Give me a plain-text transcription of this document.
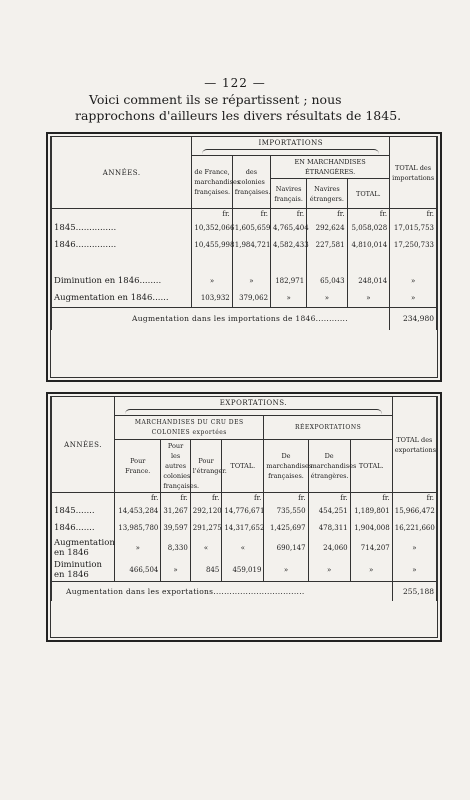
— 122 —

Voici comment ils se répartissent ; nous rapprochons d'ailleurs les divers résultats de 1845.

ANNÉES.	IMPORTATIONS					TOTAL des importations
	de France, marchandises françaises.	des colonies françaises.	EN MARCHANDISES ÉTRANGÈRES.			
			Navires français.	Navires étrangers.	TOTAL.	
	fr.	fr.	fr.	fr.	fr.	fr.
1845...............	10,352,066	1,605,659	4,765,404	292,624	5,058,028	17,015,753
1846...............	10,455,998	1,984,721	4,582,433	227,581	4,810,014	17,250,733

Diminution en 1846........	»	»	182,971	65,043	248,014	»
Augmentation en 1846......	103,932	379,062	»	»	»	»
Augmentation dans les importations de 1846............						234,980
ANNÉES.	EXPORTATIONS.							TOTAL des exportations
	MARCHANDISES DU CRU DES COLONIES exportées				RÉEXPORTATIONS			
	Pour France.	Pour les autres colonies françaises.	Pour l'étranger.	TOTAL.	De marchandises françaises.	De marchandises étrangères.	TOTAL.	

	fr.	fr.	fr.	fr.	fr.	fr.	fr.	fr.
1845.......	14,453,284	31,267	292,120	14,776,671	735,550	454,251	1,189,801	15,966,472
1846.......	13,985,780	39,597	291,275	14,317,652	1,425,697	478,311	1,904,008	16,221,660
Augmentation en 1846	»	8,330	«	«	690,147	24,060	714,207	»
Diminution en 1846	466,504	»	845	459,019	»	»	»	»
Augmentation dans les exportations..................................								255,188
